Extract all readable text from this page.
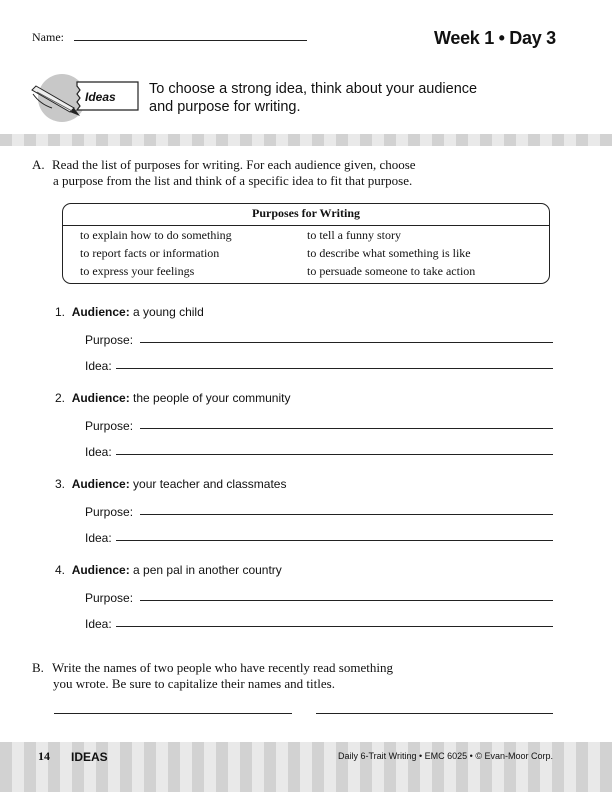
Name:	Week 1 • Day 3
Ideas To choose a strong idea, think about your audience
and purpose for writing.
A. Read the list of purposes for writing. For each audience given, choose
a purpose from the list and think of a specific idea to fit that purpose.
Purposes for Writing
to explain how to do something
to report facts or information
to express your feelings
to tell a funny story
to describe what something is like
to persuade someone to take action
1. Audience: a young child
Purpose:
Idea:
2. Audience: the people of your community
Purpose:
Idea:
3. Audience: your teacher and classmates
Purpose:
Idea:
4. Audience: a pen pal in another country
Purpose:
Idea:
B. Write the names of two people who have recently read something
you wrote. Be sure to capitalize their names and titles.
14 IDEAS	Daily 6-Trait Writing • EMC 6025 • © Evan-Moor Corp.
